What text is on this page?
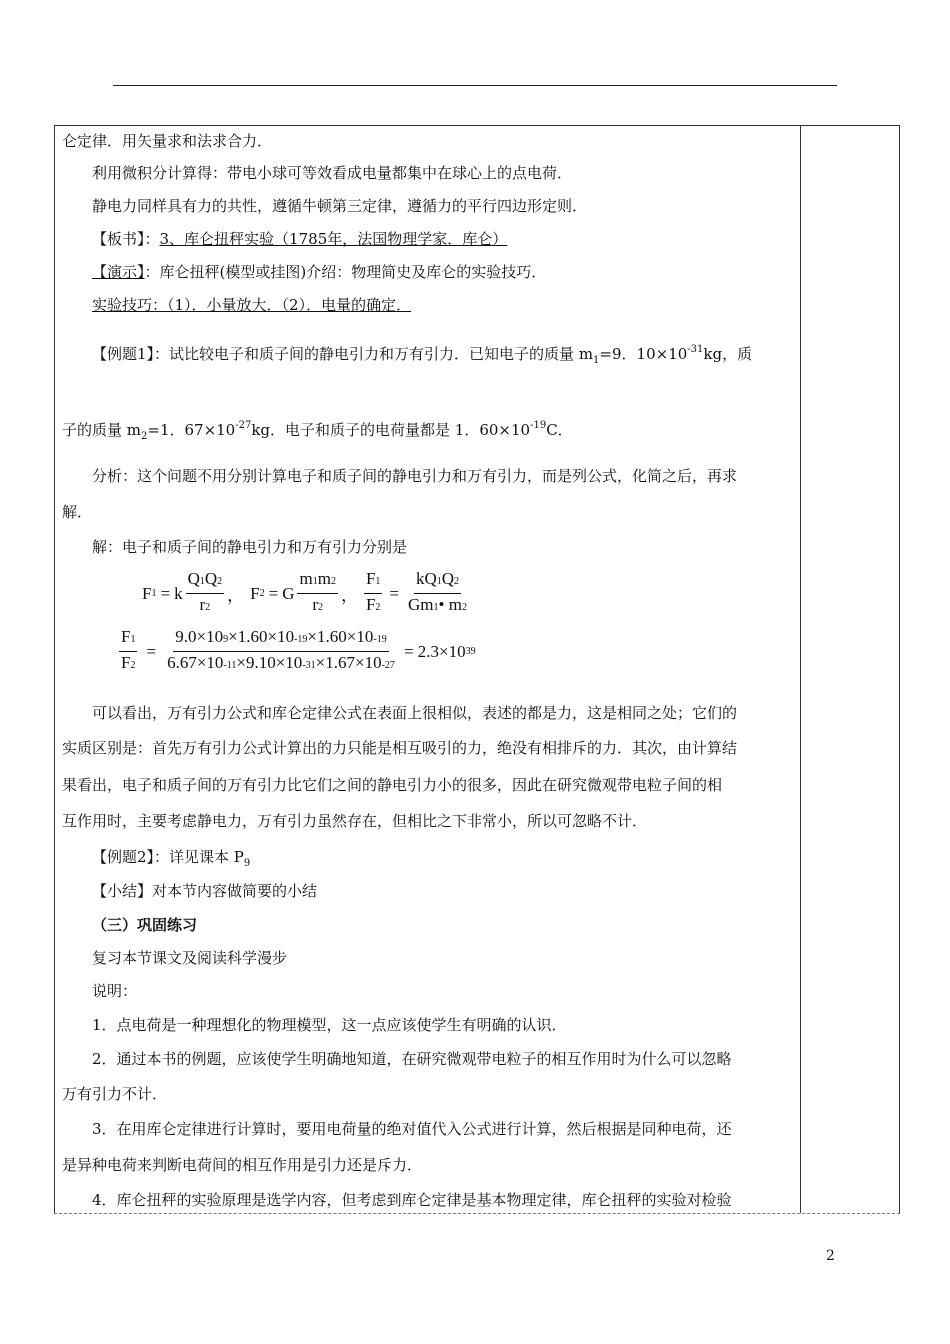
仑定律．用矢量求和法求合力．
利用微积分计算得：带电小球可等效看成电量都集中在球心上的点电荷．
静电力同样具有力的共性，遵循牛顿第三定律，遵循力的平行四边形定则．
【板书】：3、库仑扭秤实验（1785年，法国物理学家．库仑）
【演示】：库仑扭秤(模型或挂图)介绍：物理简史及库仑的实验技巧．
实验技巧：（1）．小量放大．（2）．电量的确定．
【例题1】：试比较电子和质子间的静电引力和万有引力．已知电子的质量 $m_1=9$．$10\times 10^{-31}kg$，质
子的质量 $m_2=1$．$67\times 10^{-27}kg$．电子和质子的电荷量都是 1．$60\times 10^{-19}C$．
分析：这个问题不用分别计算电子和质子间的静电引力和万有引力，而是列公式，化简之后，再求
解．
解：电子和质子间的静电引力和万有引力分别是
F 1 = k $\frac{Q 1 Q 2}{r 2}$ ， F 2 = G $\frac{m 1 m 2}{r 2}$ ， $\frac{F 1}{F 2} = \frac{kQ 1 Q 2}{Gm 1 • m 2}$
$\frac{F 1}{F 2} = \frac{9.0\times 10 9 \times 1.60\times 10 -19 \times 1.60\times 10 -19}{6.67\times 10 -11 \times 9.10\times 10 -31 \times 1.67\times 10 -27} = 2.3\times 10$ 39
可以看出，万有引力公式和库仑定律公式在表面上很相似，表述的都是力，这是相同之处；它们的
实质区别是：首先万有引力公式计算出的力只能是相互吸引的力，绝没有相排斥的力．其次，由计算结
果看出，电子和质子间的万有引力比它们之间的静电引力小的很多，因此在研究微观带电粒子间的相
互作用时，主要考虑静电力，万有引力虽然存在，但相比之下非常小，所以可忽略不计．
【例题2】：详见课本 $P_9$
【小结】对本节内容做简要的小结
（三）巩固练习
复习本节课文及阅读科学漫步
说明：
1．点电荷是一种理想化的物理模型，这一点应该使学生有明确的认识．
2．通过本书的例题，应该使学生明确地知道，在研究微观带电粒子的相互作用时为什么可以忽略
万有引力不计．
3．在用库仑定律进行计算时，要用电荷量的绝对值代入公式进行计算，然后根据是同种电荷，还
是异种电荷来判断电荷间的相互作用是引力还是斥力．
4．库仑扭秤的实验原理是选学内容，但考虑到库仑定律是基本物理定律，库仑扭秤的实验对检验
2
